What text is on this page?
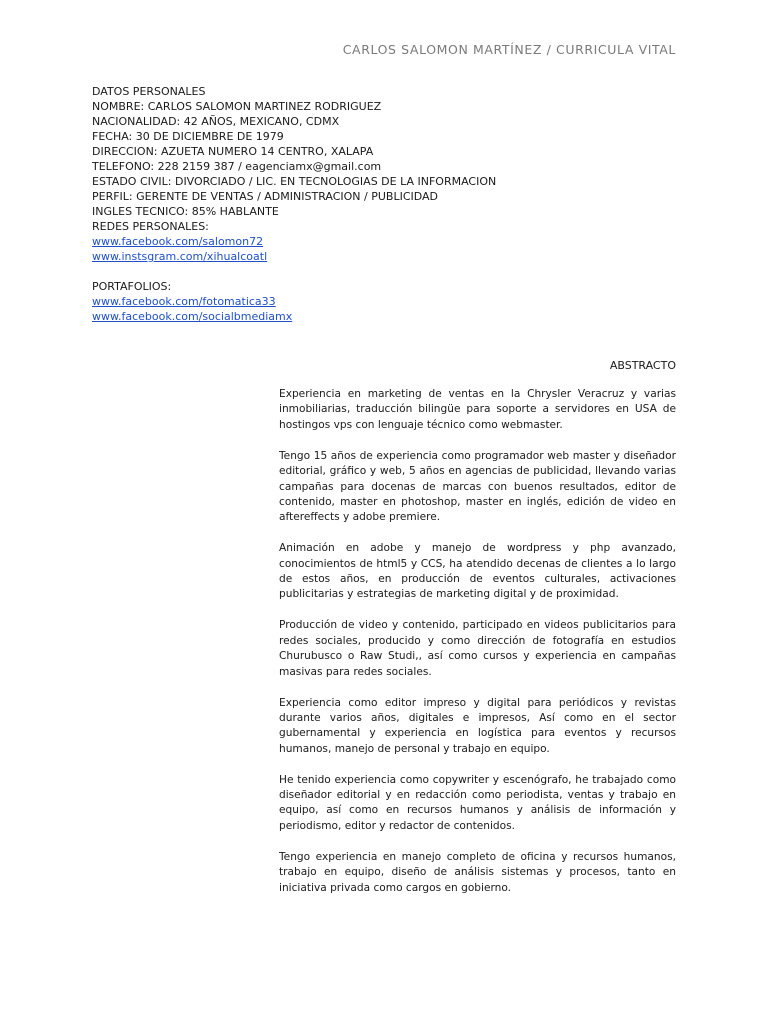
CARLOS SALOMON MARTÍNEZ / CURRICULA VITAL
DATOS PERSONALES
NOMBRE: CARLOS SALOMON MARTINEZ RODRIGUEZ
NACIONALIDAD: 42 AÑOS, MEXICANO, CDMX
FECHA: 30 DE DICIEMBRE DE 1979
DIRECCION: AZUETA NUMERO 14 CENTRO, XALAPA
TELEFONO: 228 2159 387 / eagenciamx@gmail.com
ESTADO CIVIL: DIVORCIADO / LIC. EN TECNOLOGIAS DE LA INFORMACION
PERFIL: GERENTE DE VENTAS / ADMINISTRACION / PUBLICIDAD
INGLES TECNICO: 85% HABLANTE
REDES PERSONALES:
www.facebook.com/salomon72
www.instsgram.com/xihualcoatl
PORTAFOLIOS:
www.facebook.com/fotomatica33
www.facebook.com/socialbmediamx
ABSTRACTO

Experiencia en marketing de ventas en la Chrysler Veracruz y varias inmobiliarias, traducción bilingüe para soporte a servidores en USA de hostingos vps con lenguaje técnico como webmaster.

Tengo 15 años de experiencia como programador web master y diseñador editorial, gráfico y web, 5 años en agencias de publicidad, llevando varias campañas para docenas de marcas con buenos resultados, editor de contenido, master en photoshop, master en inglés, edición de video en aftereffects y adobe premiere.

Animación en adobe y manejo de wordpress y php avanzado, conocimientos de html5 y CCS, ha atendido decenas de clientes a lo largo de estos años, en producción de eventos culturales, activaciones publicitarias y estrategias de marketing digital y de proximidad.

Producción de video y contenido, participado en videos publicitarios para redes sociales, producido y como dirección de fotografía en estudios Churubusco o Raw Studi,, así como cursos y experiencia en campañas masivas para redes sociales.

Experiencia como editor impreso y digital para periódicos y revistas durante varios años, digitales e impresos, Así como en el sector gubernamental y experiencia en logística para eventos y recursos humanos, manejo de personal y trabajo en equipo.

He tenido experiencia como copywriter y escenógrafo, he trabajado como diseñador editorial y en redacción como periodista, ventas y trabajo en equipo, así como en recursos humanos y análisis de información y periodismo, editor y redactor de contenidos.

Tengo experiencia en manejo completo de oficina y recursos humanos, trabajo en equipo, diseño de análisis sistemas y procesos, tanto en iniciativa privada como cargos en gobierno.
